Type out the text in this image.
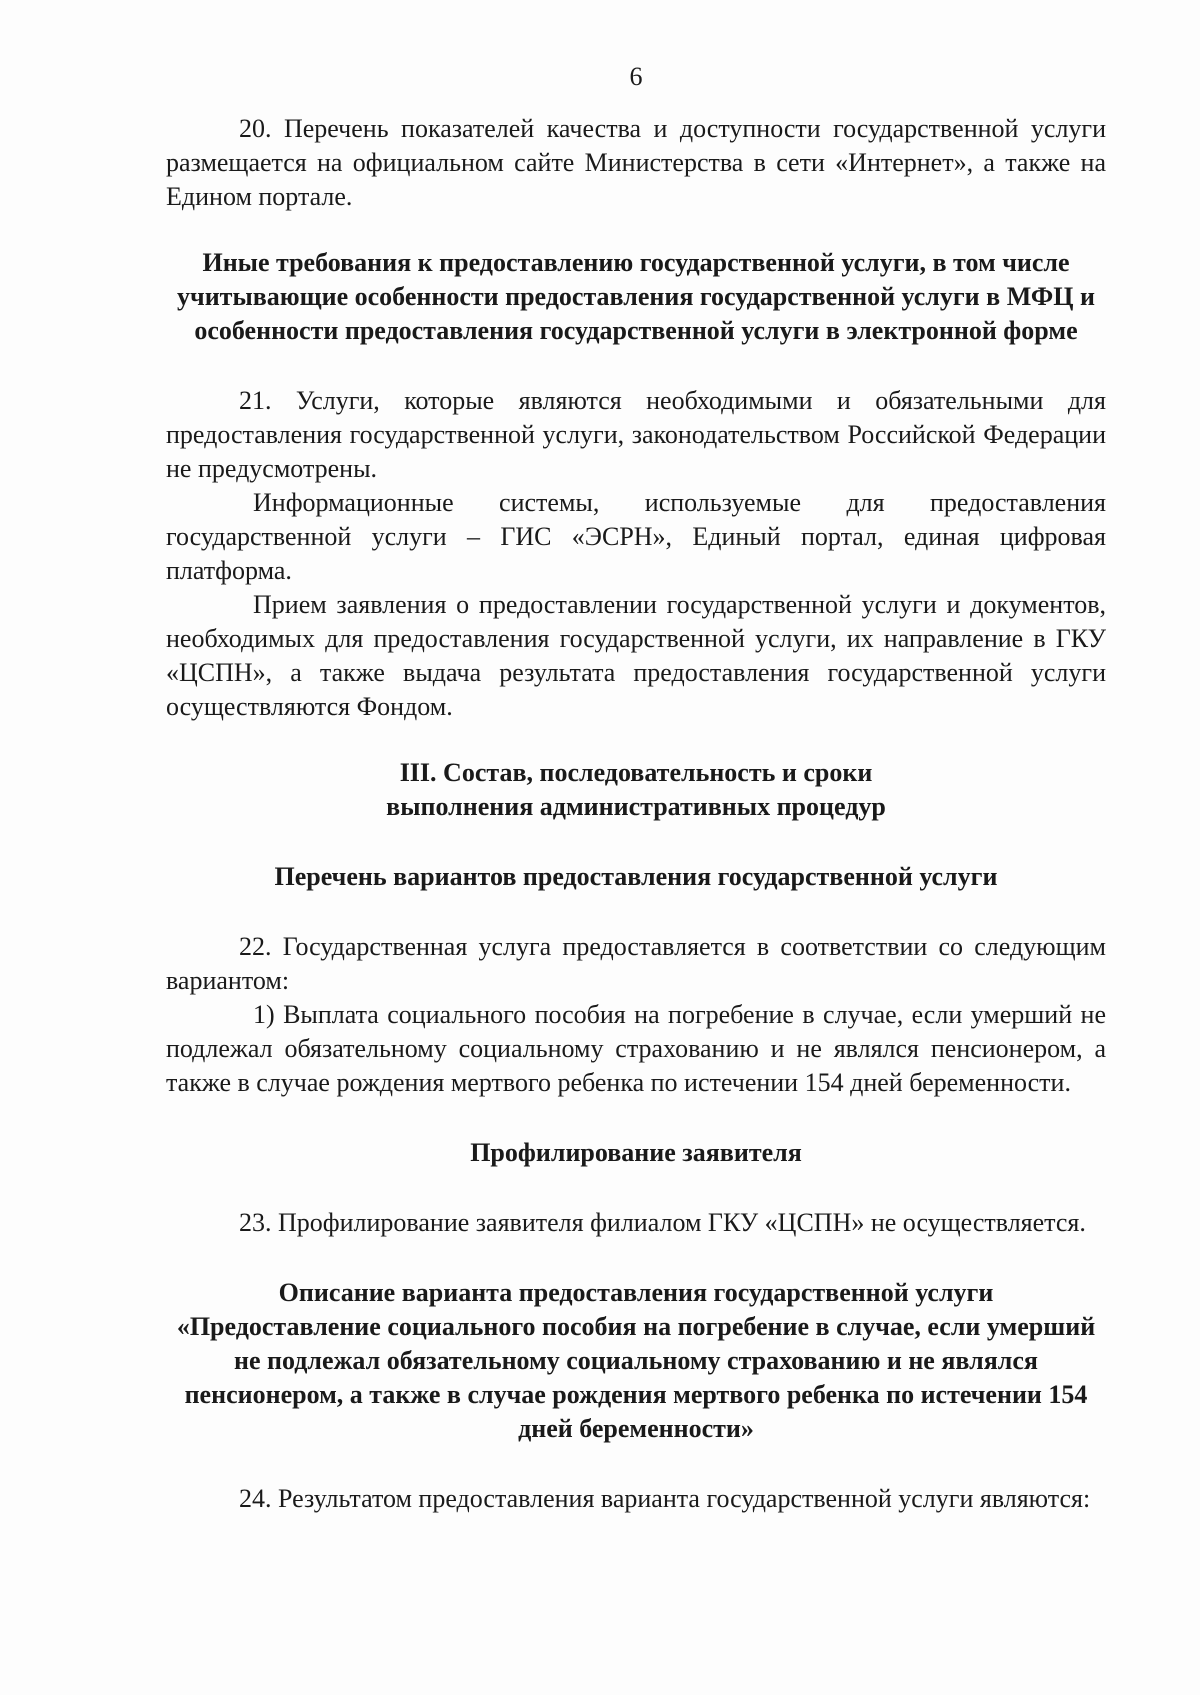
6

20. Перечень показателей качества и доступности государственной услуги размещается на официальном сайте Министерства в сети «Интернет», а также на Едином портале.

Иные требования к предоставлению государственной услуги, в том числе учитывающие особенности предоставления государственной услуги в МФЦ и особенности предоставления государственной услуги в электронной форме

21. Услуги, которые являются необходимыми и обязательными для предоставления государственной услуги, законодательством Российской Федерации не предусмотрены.

Информационные системы, используемые для предоставления государственной услуги – ГИС «ЭСРН», Единый портал, единая цифровая платформа.

Прием заявления о предоставлении государственной услуги и документов, необходимых для предоставления государственной услуги, их направление в ГКУ «ЦСПН», а также выдача результата предоставления государственной услуги осуществляются Фондом.

III. Состав, последовательность и сроки
выполнения административных процедур
Перечень вариантов предоставления государственной услуги

22. Государственная услуга предоставляется в соответствии со следующим вариантом:

1) Выплата социального пособия на погребение в случае, если умерший не подлежал обязательному социальному страхованию и не являлся пенсионером, а также в случае рождения мертвого ребенка по истечении 154 дней беременности.

Профилирование заявителя

23. Профилирование заявителя филиалом ГКУ «ЦСПН» не осуществляется.

Описание варианта предоставления государственной услуги «Предоставление социального пособия на погребение в случае, если умерший не подлежал обязательному социальному страхованию и не являлся пенсионером, а также в случае рождения мертвого ребенка по истечении 154 дней беременности»

24. Результатом предоставления варианта государственной услуги являются:
